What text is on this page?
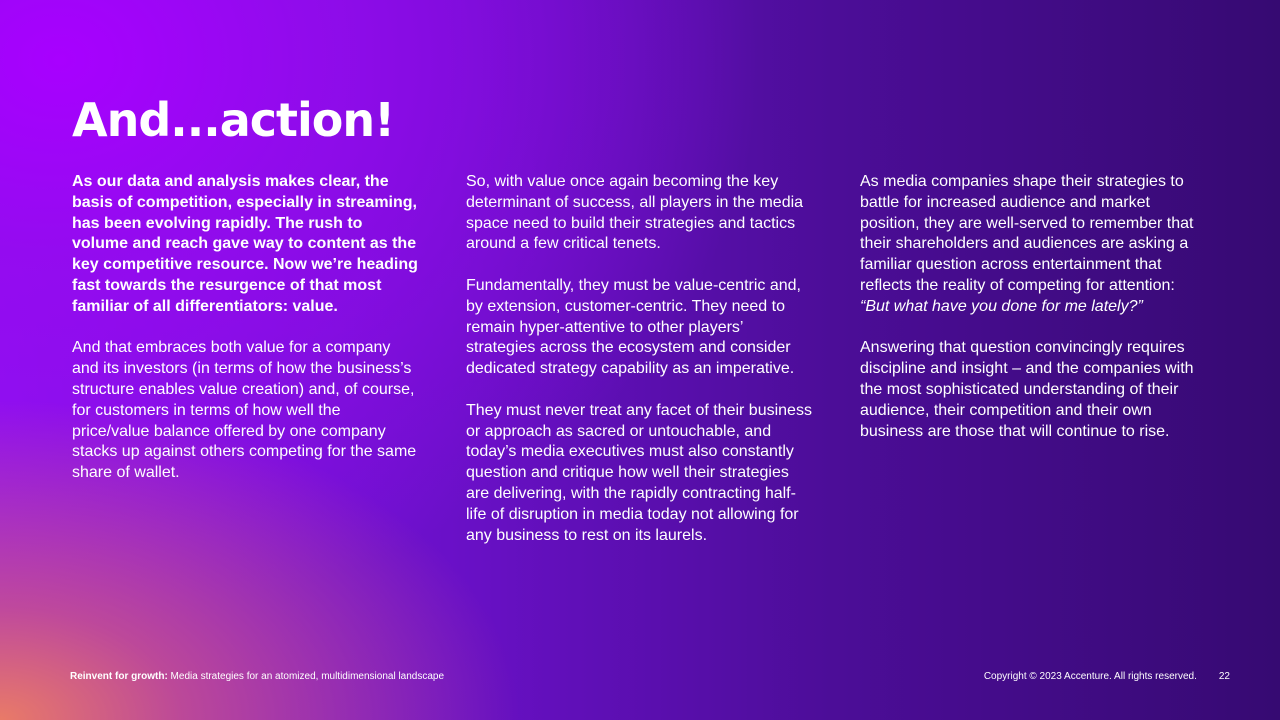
And...action!

As our data and analysis makes clear, the basis of competition, especially in streaming, has been evolving rapidly. The rush to volume and reach gave way to content as the key competitive resource. Now we’re heading fast towards the resurgence of that most familiar of all differentiators: value.

And that embraces both value for a company and its investors (in terms of how the business’s structure enables value creation) and, of course, for customers in terms of how well the price/value balance offered by one company stacks up against others competing for the same share of wallet.

So, with value once again becoming the key determinant of success, all players in the media space need to build their strategies and tactics around a few critical tenets.

Fundamentally, they must be value-centric and, by extension, customer-centric. They need to remain hyper-attentive to other players’ strategies across the ecosystem and consider dedicated strategy capability as an imperative.

They must never treat any facet of their business or approach as sacred or untouchable, and today’s media executives must also constantly question and critique how well their strategies are delivering, with the rapidly contracting half-life of disruption in media today not allowing for any business to rest on its laurels.

As media companies shape their strategies to battle for increased audience and market position, they are well-served to remember that their shareholders and audiences are asking a familiar question across entertainment that reflects the reality of competing for attention: “But what have you done for me lately?”

Answering that question convincingly requires discipline and insight – and the companies with the most sophisticated understanding of their audience, their competition and their own business are those that will continue to rise.

Reinvent for growth: Media strategies for an atomized, multidimensional landscape	Copyright © 2023 Accenture. All rights reserved. 22
